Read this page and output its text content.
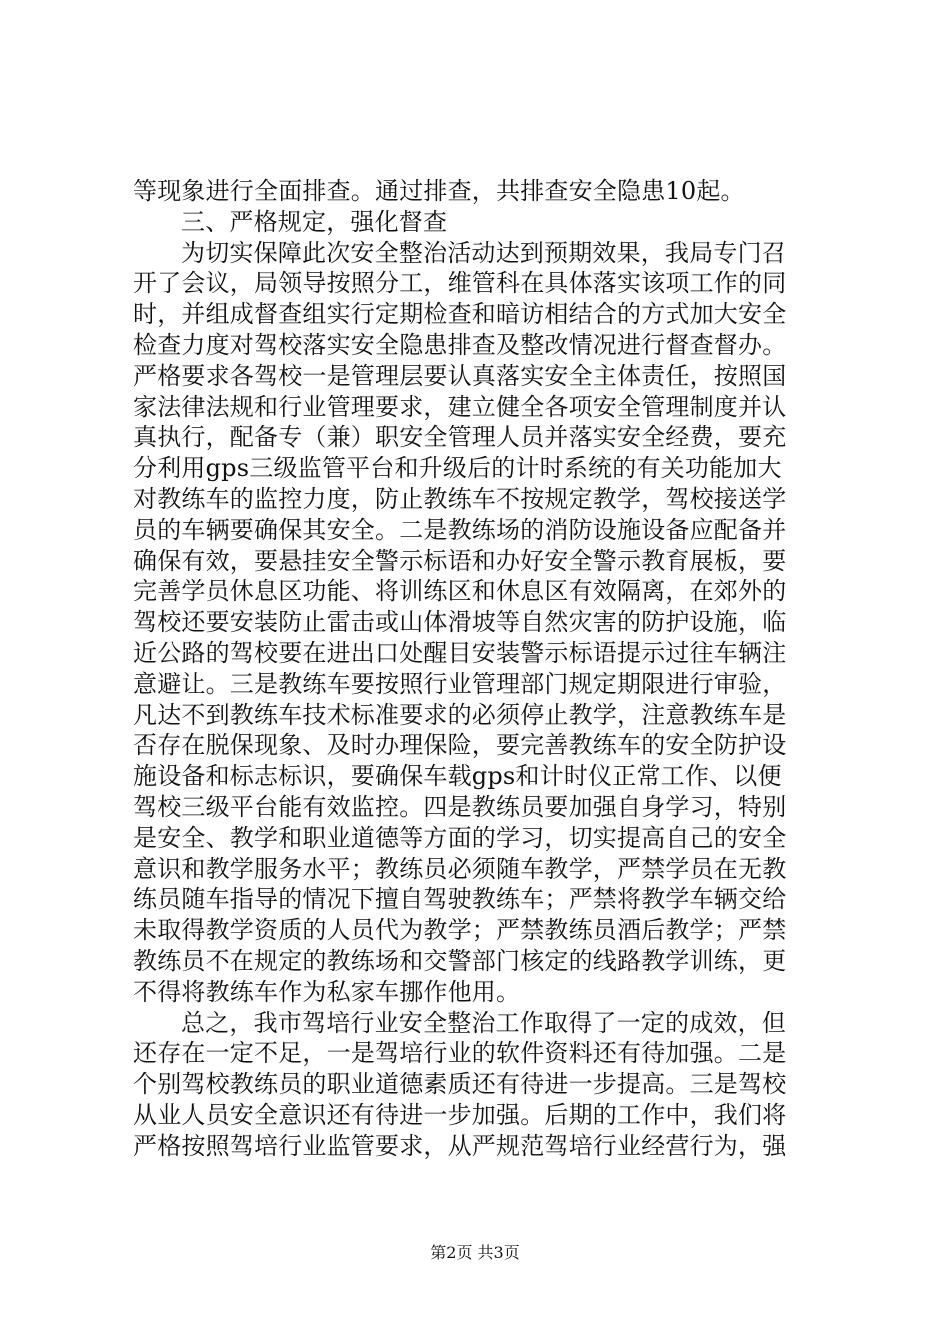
等现象进行全面排查。通过排查，共排查安全隐患10起。
三、严格规定，强化督查
为切实保障此次安全整治活动达到预期效果，我局专门召
开了会议，局领导按照分工，维管科在具体落实该项工作的同
时，并组成督查组实行定期检查和暗访相结合的方式加大安全
检查力度对驾校落实安全隐患排查及整改情况进行督查督办。
严格要求各驾校一是管理层要认真落实安全主体责任，按照国
家法律法规和行业管理要求，建立健全各项安全管理制度并认
真执行，配备专（兼）职安全管理人员并落实安全经费，要充
分利用gps三级监管平台和升级后的计时系统的有关功能加大
对教练车的监控力度，防止教练车不按规定教学，驾校接送学
员的车辆要确保其安全。二是教练场的消防设施设备应配备并
确保有效，要悬挂安全警示标语和办好安全警示教育展板，要
完善学员休息区功能、将训练区和休息区有效隔离，在郊外的
驾校还要安装防止雷击或山体滑坡等自然灾害的防护设施，临
近公路的驾校要在进出口处醒目安装警示标语提示过往车辆注
意避让。三是教练车要按照行业管理部门规定期限进行审验，
凡达不到教练车技术标准要求的必须停止教学，注意教练车是
否存在脱保现象、及时办理保险，要完善教练车的安全防护设
施设备和标志标识，要确保车载gps和计时仪正常工作、以便
驾校三级平台能有效监控。四是教练员要加强自身学习，特别
是安全、教学和职业道德等方面的学习，切实提高自己的安全
意识和教学服务水平；教练员必须随车教学，严禁学员在无教
练员随车指导的情况下擅自驾驶教练车；严禁将教学车辆交给
未取得教学资质的人员代为教学；严禁教练员酒后教学；严禁
教练员不在规定的教练场和交警部门核定的线路教学训练，更
不得将教练车作为私家车挪作他用。
总之，我市驾培行业安全整治工作取得了一定的成效，但
还存在一定不足，一是驾培行业的软件资料还有待加强。二是
个别驾校教练员的职业道德素质还有待进一步提高。三是驾校
从业人员安全意识还有待进一步加强。后期的工作中，我们将
严格按照驾培行业监管要求，从严规范驾培行业经营行为，强
第2页 共3页
